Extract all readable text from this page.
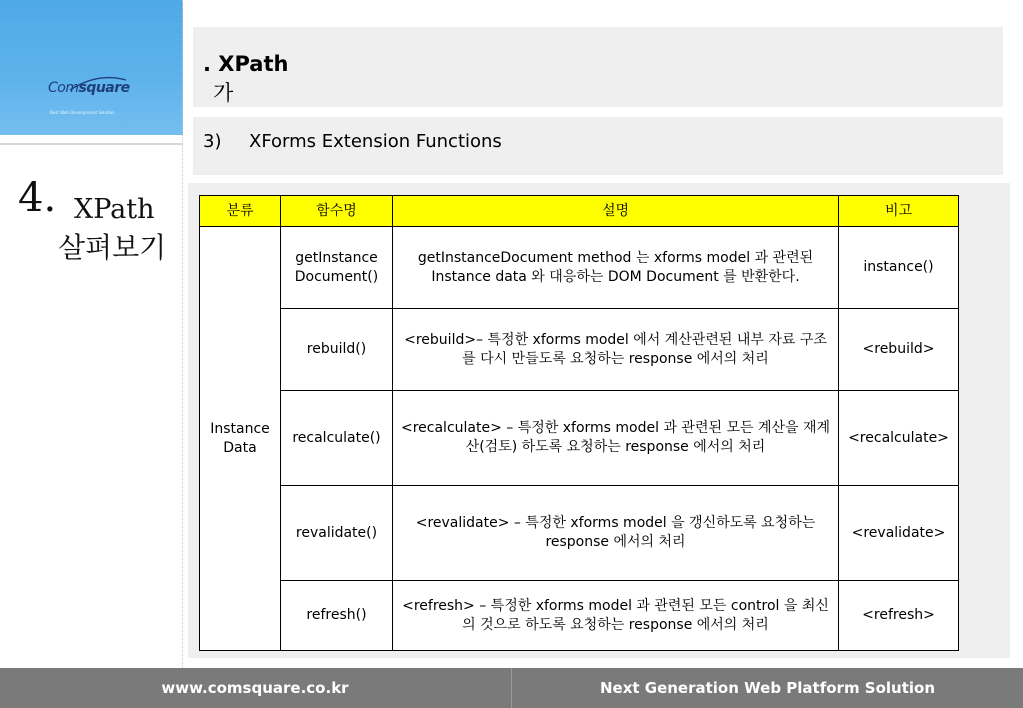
Comsquare
Best Web Development Solution
4. XPath
살펴보기
가
. XPath
3) XForms Extension Functions
분류	함수명	설명	비고
Instance Data	getInstance Document()	getInstanceDocument method 는 xforms model 과 관련된 Instance data 와 대응하는 DOM Document 를 반환한다.	instance()
	rebuild()	<rebuild>– 특정한 xforms model 에서 계산관련된 내부 자료 구조를 다시 만들도록 요청하는 response 에서의 처리	<rebuild>
	recalculate()	<recalculate> – 특정한 xforms model 과 관련된 모든 계산을 재계산(검토) 하도록 요청하는 response 에서의 처리	<recalculate>
	revalidate()	<revalidate> – 특정한 xforms model 을 갱신하도록 요청하는 response 에서의 처리	<revalidate>
	refresh()	<refresh> – 특정한 xforms model 과 관련된 모든 control 을 최신의 것으로 하도록 요청하는 response 에서의 처리	<refresh>
www.comsquare.co.kr	Next Generation Web Platform Solution
